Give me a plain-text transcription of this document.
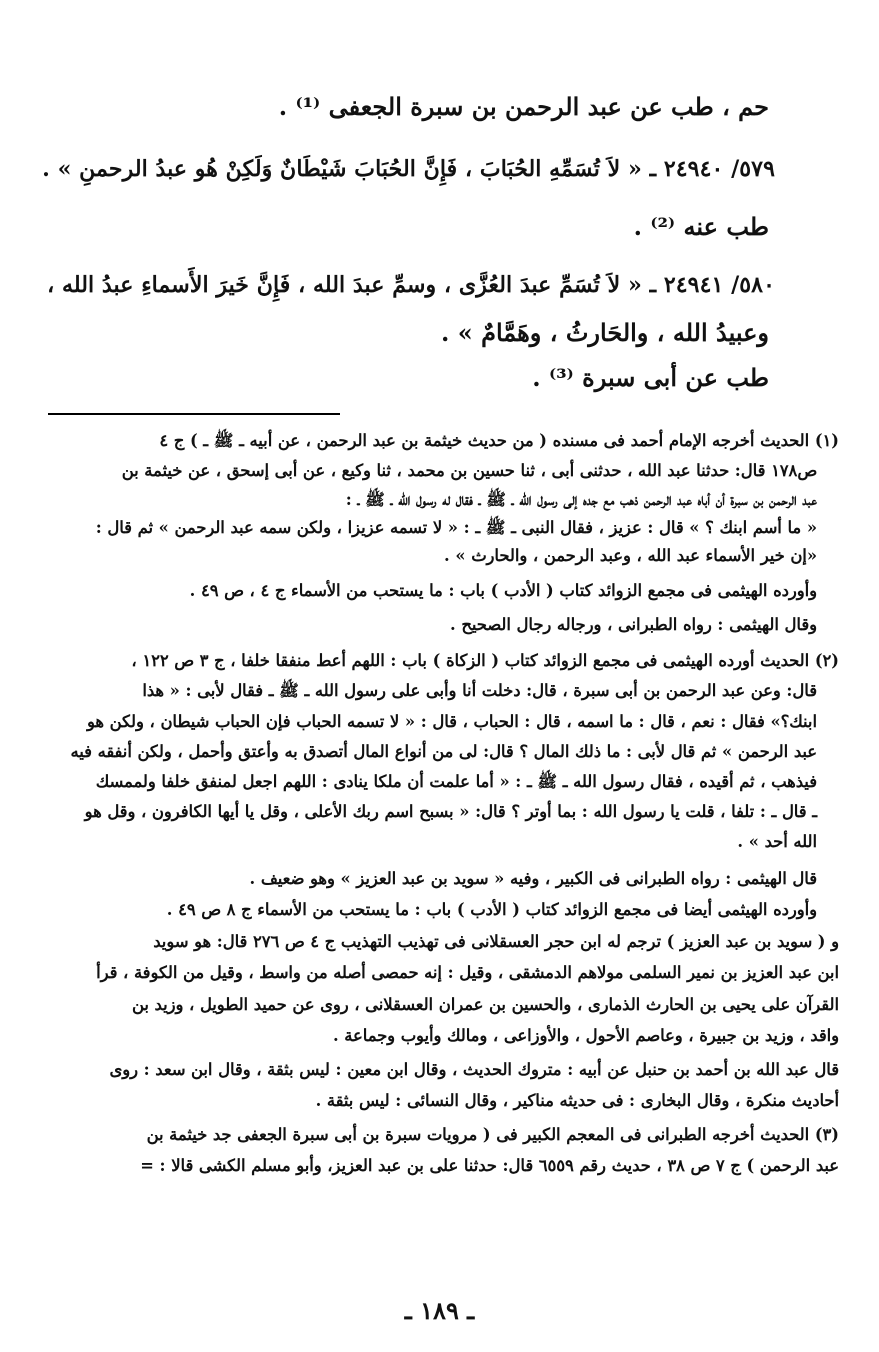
حم ، طب عن عبد الرحمن بن سبرة الجعفى ⁽¹⁾ .
٥٧٩/ ٢٤٩٤٠ ـ « لاَ تُسَمِّهِ الحُبَابَ ، فَإِنَّ الحُبَابَ شَيْطَانٌ وَلَكِنْ هُو عبدُ الرحمنِ » .
طب عنه ⁽²⁾ .
٥٨٠/ ٢٤٩٤١ ـ « لاَ تُسَمِّ عبدَ العُزَّى ، وسمِّ عبدَ الله ، فَإِنَّ خَيرَ الأَسماءِ عبدُ الله ،
وعبيدُ الله ، والحَارثُ ، وهَمَّامٌ » .
طب عن أبى سبرة ⁽³⁾ .
(١) الحديث أخرجه الإمام أحمد فى مسنده ( من حديث خيثمة بن عبد الرحمن ، عن أبيه ـ ﷺ ـ ) ج ٤
ص١٧٨ قال: حدثنا عبد الله ، حدثنى أبى ، ثنا حسين بن محمد ، ثنا وكيع ، عن أبى إسحق ، عن خيثمة بن
عبد الرحمن بن سبرة أن أباه عبد الرحمن ذهب مع جده إلى رسول الله ـ ﷺ ـ فقال له رسول الله ـ ﷺ ـ :
« ما أسم ابنك ؟ » قال : عزيز ، فقال النبى ـ ﷺ ـ : « لا تسمه عزيزا ، ولكن سمه عبد الرحمن » ثم قال :
«إن خير الأسماء عبد الله ، وعبد الرحمن ، والحارث » .
وأورده الهيثمى فى مجمع الزوائد كتاب ( الأدب ) باب : ما يستحب من الأسماء ج ٤ ، ص ٤٩ .
وقال الهيثمى : رواه الطبرانى ، ورجاله رجال الصحيح .
(٢) الحديث أورده الهيثمى فى مجمع الزوائد كتاب ( الزكاة ) باب : اللهم أعط منفقا خلفا ، ج ٣ ص ١٢٢ ،
قال: وعن عبد الرحمن بن أبى سبرة ، قال: دخلت أنا وأبى على رسول الله ـ ﷺ ـ فقال لأبى : « هذا
ابنك؟» فقال : نعم ، قال : ما اسمه ، قال : الحباب ، قال : « لا تسمه الحباب فإن الحباب شيطان ، ولكن هو
عبد الرحمن » ثم قال لأبى : ما ذلك المال ؟ قال: لى من أنواع المال أتصدق به وأعتق وأحمل ، ولكن أنفقه فيه
فيذهب ، ثم أقيده ، فقال رسول الله ـ ﷺ ـ : « أما علمت أن ملكا ينادى : اللهم اجعل لمنفق خلفا ولممسك
ـ قال ـ : تلفا ، قلت يا رسول الله : بما أوتر ؟ قال: « بسبح اسم ربك الأعلى ، وقل يا أيها الكافرون ، وقل هو
الله أحد » .
قال الهيثمى : رواه الطبرانى فى الكبير ، وفيه « سويد بن عبد العزيز » وهو ضعيف .
وأورده الهيثمى أيضا فى مجمع الزوائد كتاب ( الأدب ) باب : ما يستحب من الأسماء ج ٨ ص ٤٩ .
و ( سويد بن عبد العزيز ) ترجم له ابن حجر العسقلانى فى تهذيب التهذيب ج ٤ ص ٢٧٦ قال: هو سويد
ابن عبد العزيز بن نمير السلمى مولاهم الدمشقى ، وقيل : إنه حمصى أصله من واسط ، وقيل من الكوفة ، قرأ
القرآن على يحيى بن الحارث الذمارى ، والحسين بن عمران العسقلانى ، روى عن حميد الطويل ، وزيد بن
واقد ، وزيد بن جبيرة ، وعاصم الأحول ، والأوزاعى ، ومالك وأيوب وجماعة .
قال عبد الله بن أحمد بن حنبل عن أبيه : متروك الحديث ، وقال ابن معين : ليس بثقة ، وقال ابن سعد : روى
أحاديث منكرة ، وقال البخارى : فى حديثه مناكير ، وقال النسائى : ليس بثقة .
(٣) الحديث أخرجه الطبرانى فى المعجم الكبير فى ( مرويات سبرة بن أبى سبرة الجعفى جد خيثمة بن
عبد الرحمن ) ج ٧ ص ٣٨ ، حديث رقم ٦٥٥٩ قال: حدثنا على بن عبد العزيز، وأبو مسلم الكشى قالا : =
ـ ١٨٩ ـ
